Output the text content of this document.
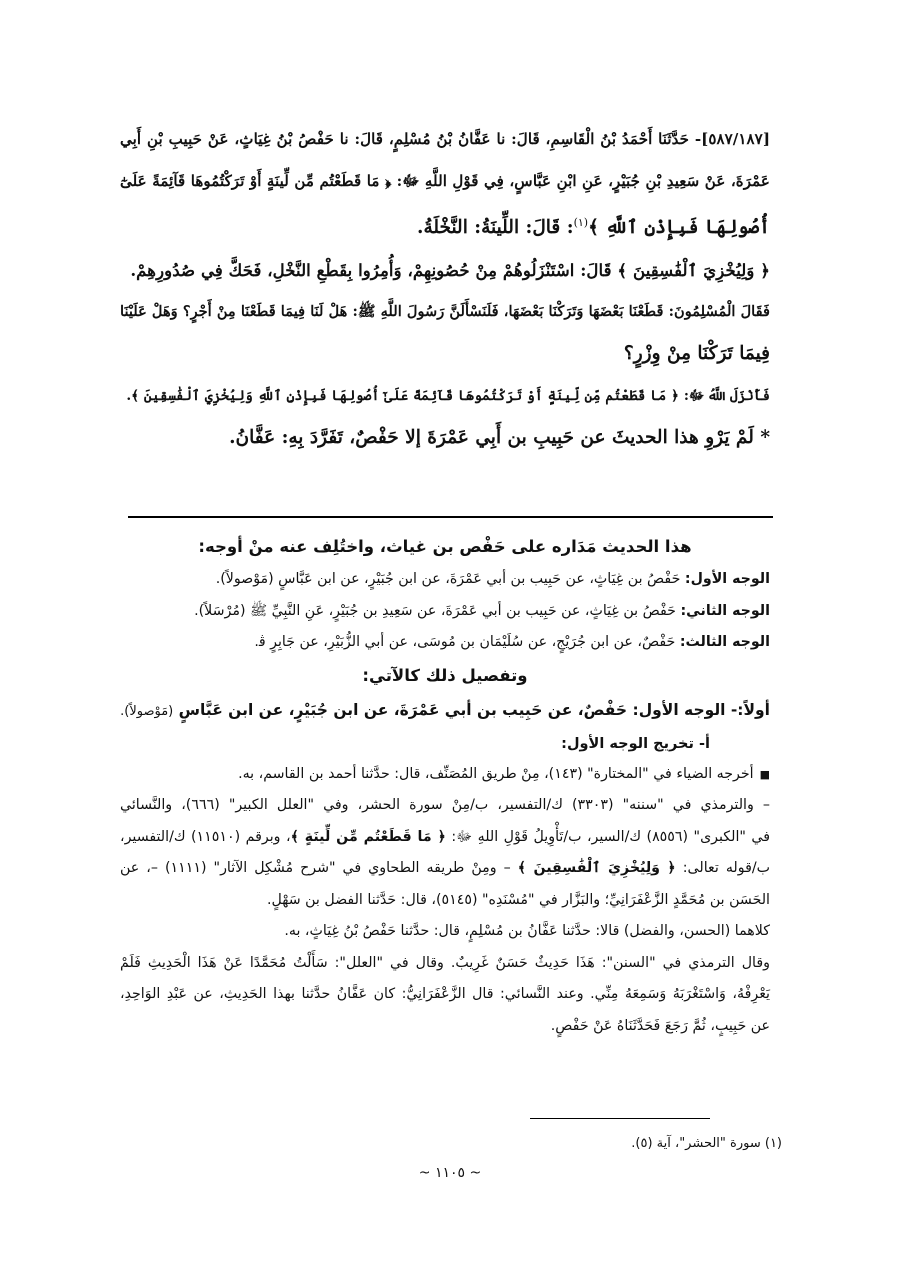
[٥٨٧/١٨٧]- حَدَّثَنَا أَحْمَدُ بْنُ الْقَاسِمِ، قَالَ: نا عَفَّانُ بْنُ مُسْلِمٍ، قَالَ: نا حَفْصُ بْنُ غِيَاثٍ، عَنْ حَبِيبِ بْنِ أَبِي
عَمْرَةَ، عَنْ سَعِيدِ بْنِ جُبَيْرٍ، عَنِ ابْنِ عَبَّاسٍ، فِي قَوْلِ اللَّهِ ﷻ: ﴿ مَا قَطَعْتُم مِّن لِّينَةٍ أَوْ تَرَكْتُمُوهَا قَآئِمَةً عَلَىٰٓ
أُصُولِهَا فَبِإِذْنِ ٱللَّهِ ﴾$^{(١)}$: قَالَ: اللِّينَةُ: النَّخْلَةُ.
﴿ وَلِيُخْزِيَ ٱلْفَٰسِقِينَ ﴾ قَالَ: اسْتَنْزَلُوهُمْ مِنْ حُصُونِهِمْ، وَأُمِرُوا بِقَطْعِ النَّخْلِ، فَحَكَّ فِي صُدُورِهِمْ.
فَقَالَ الْمُسْلِمُونَ: قَطَعْنَا بَعْضَهَا وَتَرَكْنَا بَعْضَهَا، فَلَنَسْأَلَنَّ رَسُولَ اللَّهِ ﷺ: هَلْ لَنَا فِيمَا قَطَعْنَا مِنْ أَجْرٍ؟ وَهَلْ عَلَيْنَا
فِيمَا تَرَكْنَا مِنْ وِزْرٍ؟
فَأَنْزَلَ اللَّهُ ﷻ: ﴿ مَا قَطَعْتُم مِّن لِّينَةٍ أَوْ تَرَكْتُمُوهَا قَآئِمَةً عَلَىٰٓ أُصُولِهَا فَبِإِذْنِ ٱللَّهِ وَلِيُخْزِيَ ٱلْفَٰسِقِينَ ﴾.
* لَمْ يَرْوِ هذا الحديثَ عن حَبِيبِ بن أَبِي عَمْرَةَ إلا حَفْصٌ، تَفَرَّدَ بِهِ: عَفَّانُ.
هذا الحديث مَدَاره على حَفْص بن غياث، واختُلِف عنه منْ أوجه:
الوجه الأول: حَفْصُ بن غِيَاثٍ، عن حَبِيب بن أبي عَمْرَةَ، عن ابن جُبَيْرٍ، عن ابن عَبَّاسٍ (مَوْصولاً).
الوجه الثاني: حَفْصُ بن غِيَاثٍ، عن حَبِيب بن أبي عَمْرَةَ، عن سَعِيدِ بن جُبَيْرٍ، عَنِ النَّبِيِّ ﷺ (مُرْسَلاً).
الوجه الثالث: حَفْصٌ، عن ابن جُرَيْجٍ، عن سُلَيْمَان بن مُوسَى، عن أبي الزُّبَيْرِ، عن جَابِرٍ ﭬ.
وتفصيل ذلك كالآتي:
أولاً:- الوجه الأول: حَفْصٌ، عن حَبِيب بن أبي عَمْرَةَ، عن ابن جُبَيْرٍ، عن ابن عَبَّاسٍ (مَوْصولاً).
أ- تخريج الوجه الأول:
■أخرجه الضياء في "المختارة" (١٤٣)، مِنْ طريق المُصَنِّف، قال: حدَّثنا أحمد بن القاسم، به.
– والترمذي في "سننه" (٣٣٠٣) ك/التفسير، ب/مِنْ سورة الحشر، وفي "العلل الكبير" (٦٦٦)، والنَّسائي
في "الكبرى" (٨٥٥٦) ك/السير، ب/تَأْوِيلُ قَوْلِ اللهِ ﷻ: ﴿ مَا قَطَعْتُم مِّن لِّينَةٍ ﴾، وبرقم (١١٥١٠) ك/التفسير،
ب/قوله تعالى: ﴿ وَلِيُخْزِيَ ٱلْفَٰسِقِينَ ﴾ – ومِنْ طريقه الطحاوي في "شرح مُشْكِل الآثار" (١١١١) –، عن
الحَسَن بن مُحَمَّدٍ الزَّعْفَرَانِيِّ؛ والبَزَّار في "مُسْنَدِه" (٥١٤٥)، قال: حَدَّثنا الفضل بن سَهْلٍ.
كلاهما (الحسن، والفضل) قالا: حدَّثنا عَفَّانُ بن مُسْلِمٍ، قال: حدَّثنا حَفْصُ بْنُ غِيَاثٍ، به.
وقال الترمذي في "السنن": هَذَا حَدِيثٌ حَسَنٌ غَرِيبٌ. وقال في "العلل": سَأَلْتُ مُحَمَّدًا عَنْ هَذَا الْحَدِيثِ فَلَمْ
يَعْرِفْهُ، وَاسْتَغْرَبَهُ وَسَمِعَهُ مِنِّي. وعند النَّسائي: قال الزَّعْفَرَانِيُّ: كان عَفَّانُ حدَّثنا بهذا الحَدِيثِ، عن عَبْدِ الوَاحِدِ،
عن حَبِيبٍ، ثُمَّ رَجَعَ فَحَدَّثَنَاهُ عَنْ حَفْصٍ.
(١) سورة "الحشر"، آية (٥).
~ ١١٠٥ ~
